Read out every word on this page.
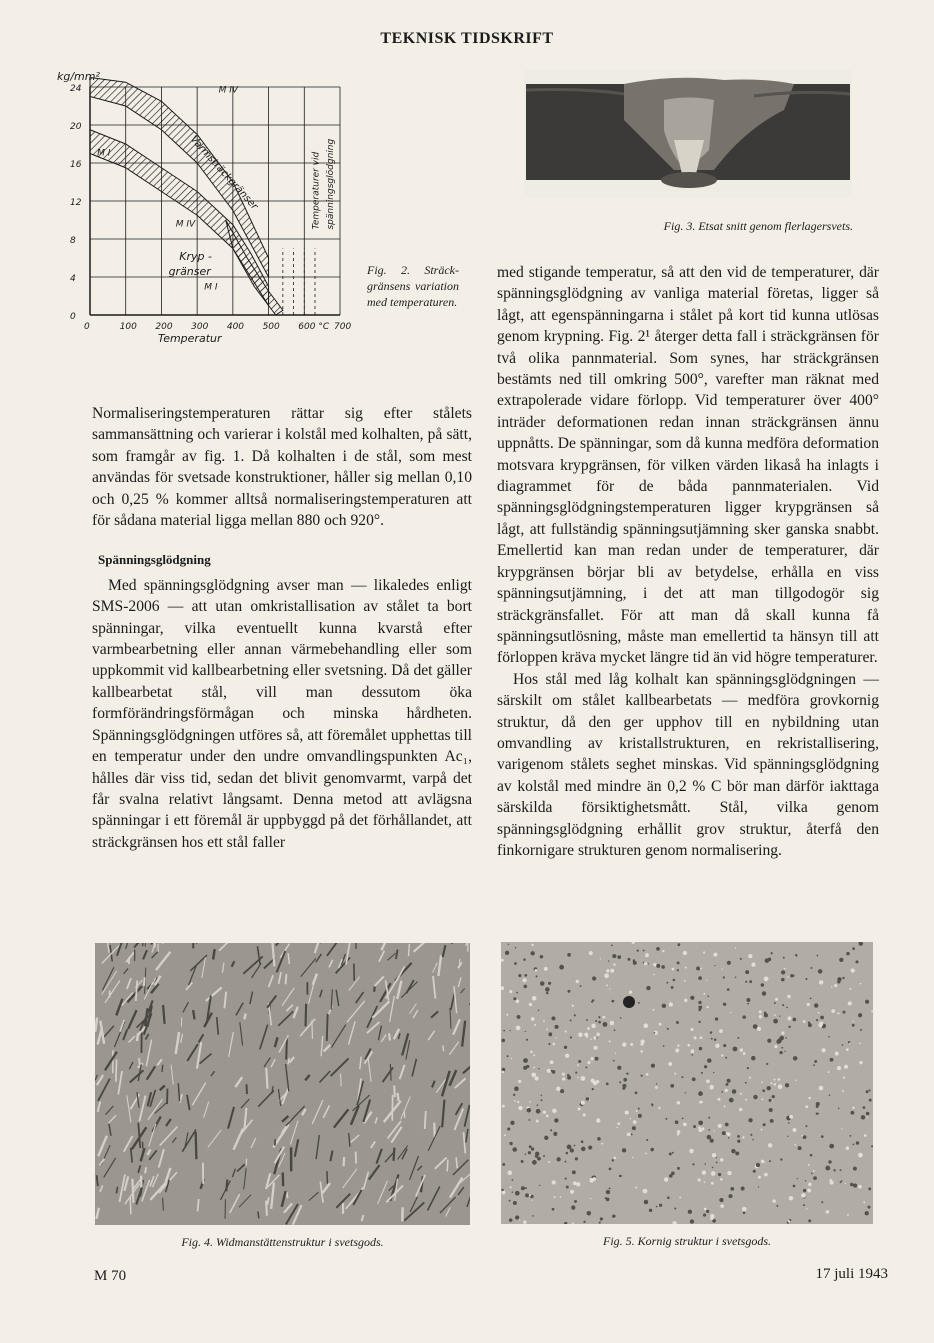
TEKNISK TIDSKRIFT
0	100 200 300 400 500 600 °C 700
0
4
8
12
16
20
24
kg/mm²
Temperatur
M IV
M I
M IV
M I
Kryp -
gränser
Varmsträckgränser	Temperaturer vid spänningsglödgning
Fig. 2. Sträck-gränsens variation med temperaturen.
Fig. 3. Etsat snitt genom flerlagersvets.

Normaliseringstemperaturen rättar sig efter stålets sammansättning och varierar i kolstål med kolhalten, på sätt, som framgår av fig. 1. Då kolhalten i de stål, som mest användas för svetsade konstruktioner, håller sig mellan 0,10 och 0,25 % kommer alltså normaliseringstemperaturen att för sådana material ligga mellan 880 och 920°.

Spänningsglödgning

Med spänningsglödgning avser man — likaledes enligt SMS-2006 — att utan omkristallisation av stålet ta bort spänningar, vilka eventuellt kunna kvarstå efter varmbearbetning eller annan värmebehandling eller som uppkommit vid kallbearbetning eller svetsning. Då det gäller kallbearbetat stål, vill man dessutom öka formförändringsförmågan och minska hårdheten. Spänningsglödgningen utföres så, att föremålet upphettas till en temperatur under den undre omvandlingspunkten Ac₁, hålles där viss tid, sedan det blivit genomvarmt, varpå det får svalna relativt långsamt. Denna metod att avlägsna spänningar i ett föremål är uppbyggd på det förhållandet, att sträckgränsen hos ett stål faller

med stigande temperatur, så att den vid de temperaturer, där spänningsglödgning av vanliga material företas, ligger så lågt, att egenspänningarna i stålet på kort tid kunna utlösas genom krypning. Fig. 2¹ återger detta fall i sträckgränsen för två olika pannmaterial. Som synes, har sträckgränsen bestämts ned till omkring 500°, varefter man räknat med extrapolerade vidare förlopp. Vid temperaturer över 400° inträder deformationen redan innan sträckgränsen ännu uppnåtts. De spänningar, som då kunna medföra deformation motsvara krypgränsen, för vilken värden likaså ha inlagts i diagrammet för de båda pannmaterialen. Vid spänningsglödgningstemperaturen ligger krypgränsen så lågt, att fullständig spänningsutjämning sker ganska snabbt. Emellertid kan man redan under de temperaturer, där krypgränsen börjar bli av betydelse, erhålla en viss spänningsutjämning, i det att man tillgodogör sig sträckgränsfallet. För att man då skall kunna få spänningsutlösning, måste man emellertid ta hänsyn till att förloppen kräva mycket längre tid än vid högre temperaturer.

Hos stål med låg kolhalt kan spänningsglödgningen — särskilt om stålet kallbearbetats — medföra grovkornig struktur, då den ger upphov till en nybildning utan omvandling av kristallstrukturen, en rekristallisering, varigenom stålets seghet minskas. Vid spänningsglödgning av kolstål med mindre än 0,2 % C bör man därför iakttaga särskilda försiktighetsmått. Stål, vilka genom spänningsglödgning erhållit grov struktur, återfå den finkornigare strukturen genom normalisering.

Fig. 4. Widmanstättenstruktur i svetsgods.	Fig. 5. Kornig struktur i svetsgods.
M 70	17 juli 1943
